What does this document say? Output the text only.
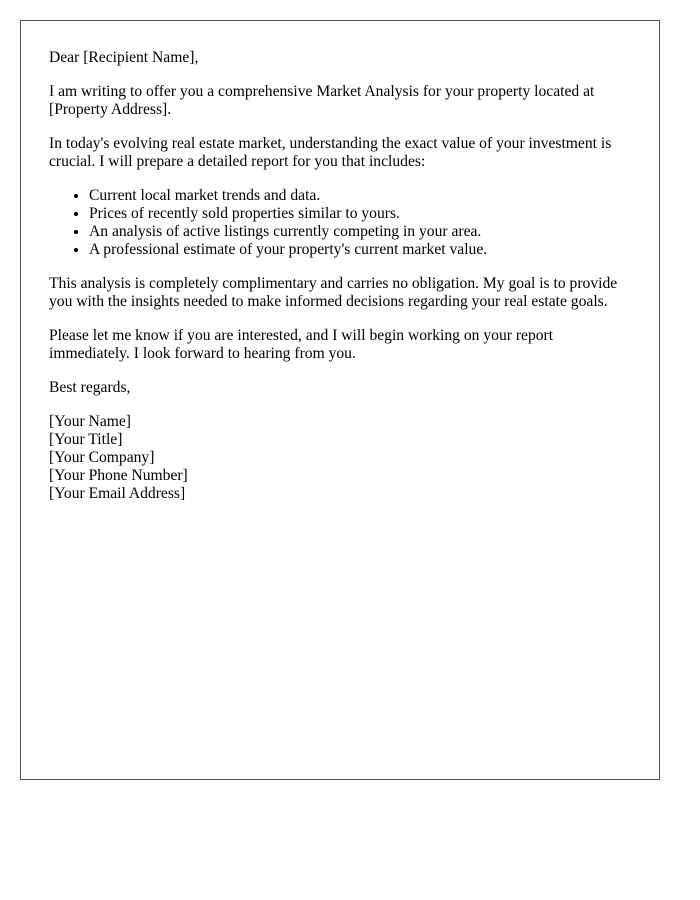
Dear [Recipient Name],

I am writing to offer you a comprehensive Market Analysis for your property located at [Property Address].

In today's evolving real estate market, understanding the exact value of your investment is crucial. I will prepare a detailed report for you that includes:

• Current local market trends and data.
• Prices of recently sold properties similar to yours.
• An analysis of active listings currently competing in your area.
• A professional estimate of your property's current market value.

This analysis is completely complimentary and carries no obligation. My goal is to provide you with the insights needed to make informed decisions regarding your real estate goals.

Please let me know if you are interested, and I will begin working on your report immediately. I look forward to hearing from you.

Best regards,

[Your Name]
[Your Title]
[Your Company]
[Your Phone Number]
[Your Email Address]
